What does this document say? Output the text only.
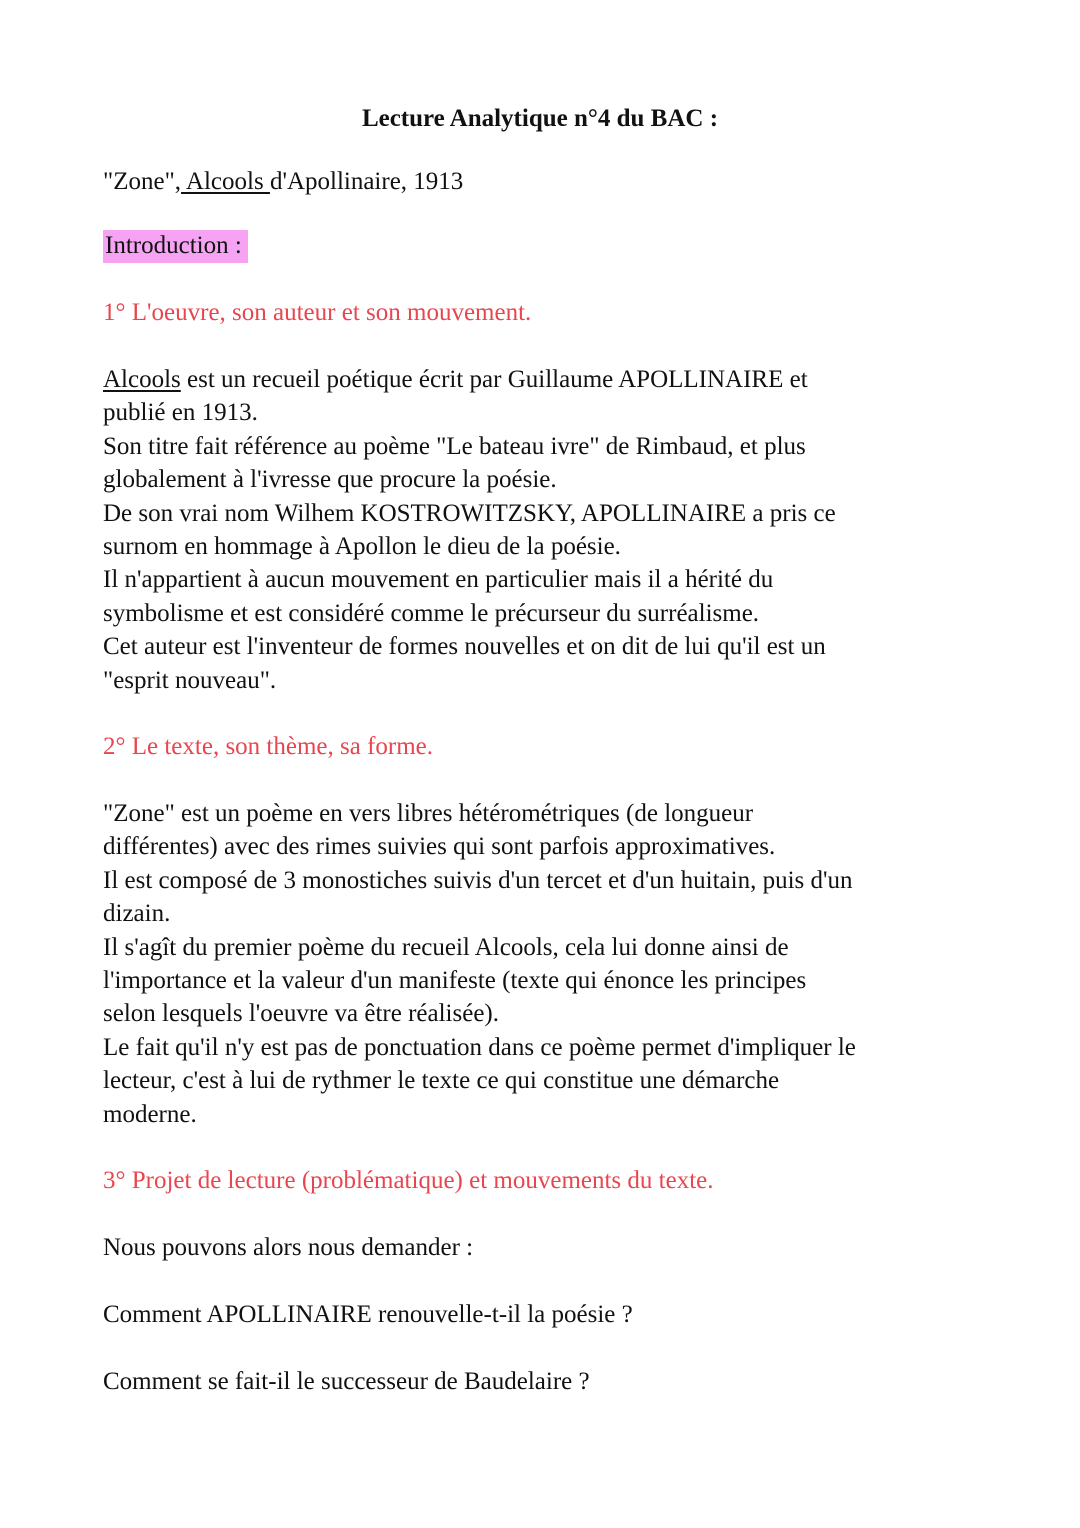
Lecture Analytique n°4 du BAC :

"Zone", Alcools d'Apollinaire, 1913

Introduction :

1° L'oeuvre, son auteur et son mouvement.

Alcools est un recueil poétique écrit par Guillaume APOLLINAIRE et
publié en 1913.
Son titre fait référence au poème "Le bateau ivre" de Rimbaud, et plus
globalement à l'ivresse que procure la poésie.
De son vrai nom Wilhem KOSTROWITZSKY, APOLLINAIRE a pris ce
surnom en hommage à Apollon le dieu de la poésie.
Il n'appartient à aucun mouvement en particulier mais il a hérité du
symbolisme et est considéré comme le précurseur du surréalisme.
Cet auteur est l'inventeur de formes nouvelles et on dit de lui qu'il est un
"esprit nouveau".

2° Le texte, son thème, sa forme.

"Zone" est un poème en vers libres hétérométriques (de longueur
différentes) avec des rimes suivies qui sont parfois approximatives.
Il est composé de 3 monostiches suivis d'un tercet et d'un huitain, puis d'un
dizain.
Il s'agît du premier poème du recueil Alcools, cela lui donne ainsi de
l'importance et la valeur d'un manifeste (texte qui énonce les principes
selon lesquels l'oeuvre va être réalisée).
Le fait qu'il n'y est pas de ponctuation dans ce poème permet d'impliquer le
lecteur, c'est à lui de rythmer le texte ce qui constitue une démarche
moderne.

3° Projet de lecture (problématique) et mouvements du texte.

Nous pouvons alors nous demander :

Comment APOLLINAIRE renouvelle-t-il la poésie ?

Comment se fait-il le successeur de Baudelaire ?
